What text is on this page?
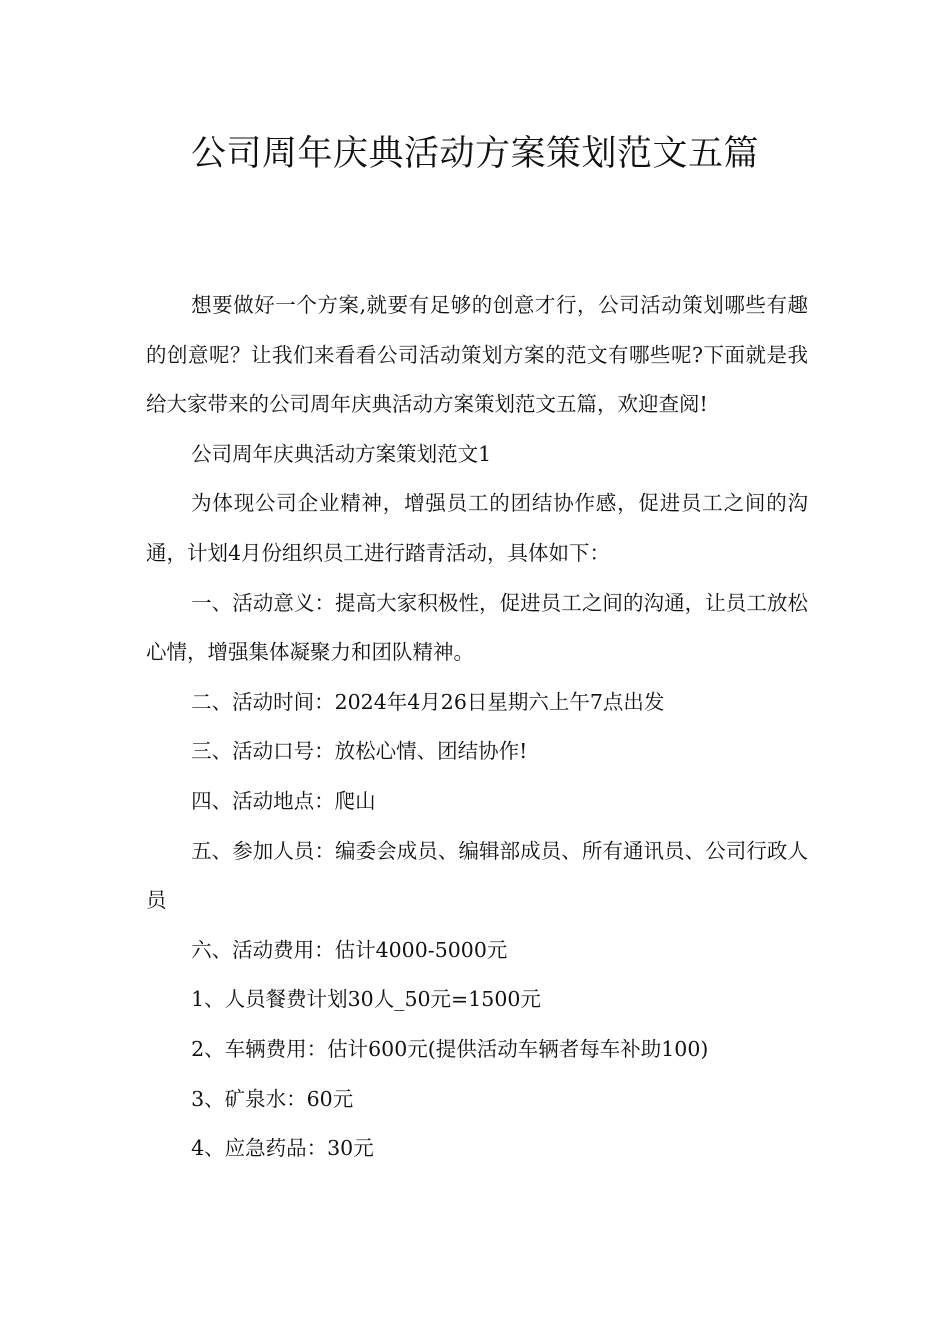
公司周年庆典活动方案策划范文五篇

想要做好一个方案,就要有足够的创意才行，公司活动策划哪些有趣的创意呢？让我们来看看公司活动策划方案的范文有哪些呢?下面就是我给大家带来的公司周年庆典活动方案策划范文五篇，欢迎查阅!

公司周年庆典活动方案策划范文1

为体现公司企业精神，增强员工的团结协作感，促进员工之间的沟通，计划4月份组织员工进行踏青活动，具体如下：

一、活动意义：提高大家积极性，促进员工之间的沟通，让员工放松心情，增强集体凝聚力和团队精神。

二、活动时间：2024年4月26日星期六上午7点出发

三、活动口号：放松心情、团结协作!

四、活动地点：爬山

五、参加人员：编委会成员、编辑部成员、所有通讯员、公司行政人员

六、活动费用：估计4000-5000元

1、人员餐费计划30人_50元=1500元

2、车辆费用：估计600元(提供活动车辆者每车补助100)

3、矿泉水：60元

4、应急药品：30元
